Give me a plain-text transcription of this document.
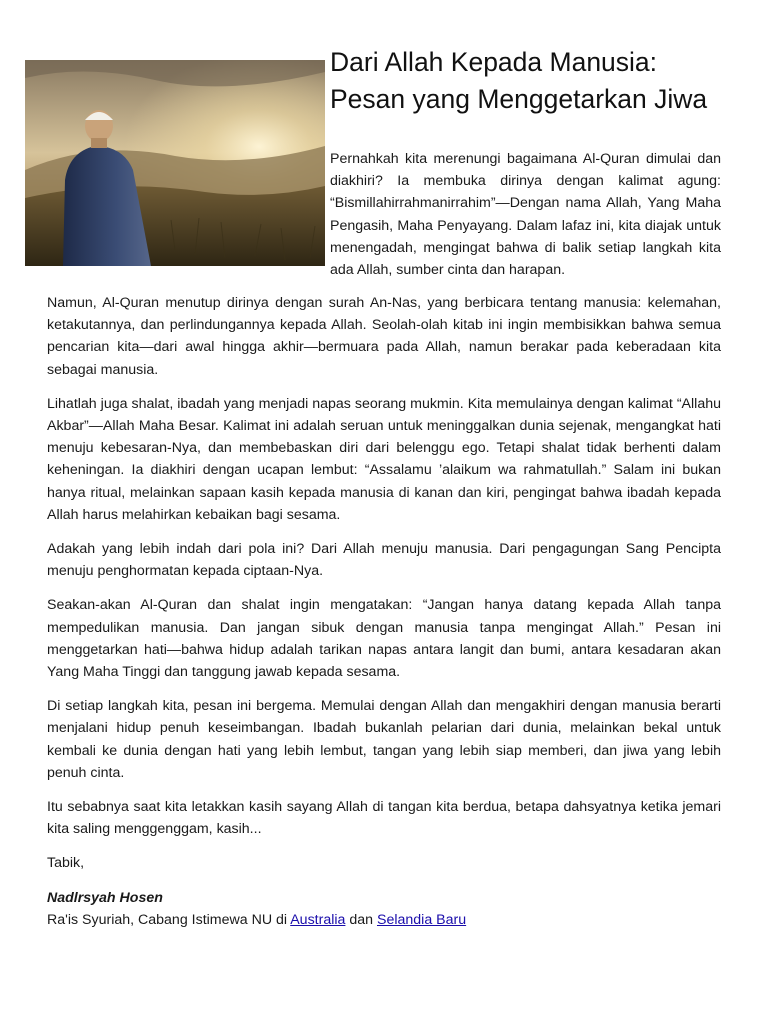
Dari Allah Kepada Manusia:
Pesan yang Menggetarkan Jiwa

Pernahkah kita merenungi bagaimana Al-Quran dimulai dan diakhiri? Ia membuka dirinya dengan kalimat agung: “Bismillahirrahmanirrahim”—Dengan nama Allah, Yang Maha Pengasih, Maha Penyayang. Dalam lafaz ini, kita diajak untuk menengadah, mengingat bahwa di balik setiap langkah kita ada Allah, sumber cinta dan harapan.

Namun, Al-Quran menutup dirinya dengan surah An-Nas, yang berbicara tentang manusia: kelemahan, ketakutannya, dan perlindungannya kepada Allah. Seolah-olah kitab ini ingin membisikkan bahwa semua pencarian kita—dari awal hingga akhir—bermuara pada Allah, namun berakar pada keberadaan kita sebagai manusia.

Lihatlah juga shalat, ibadah yang menjadi napas seorang mukmin. Kita memulainya dengan kalimat “Allahu Akbar”—Allah Maha Besar. Kalimat ini adalah seruan untuk meninggalkan dunia sejenak, mengangkat hati menuju kebesaran-Nya, dan membebaskan diri dari belenggu ego. Tetapi shalat tidak berhenti dalam keheningan. Ia diakhiri dengan ucapan lembut: “Assalamu ’alaikum wa rahmatullah.” Salam ini bukan hanya ritual, melainkan sapaan kasih kepada manusia di kanan dan kiri, pengingat bahwa ibadah kepada Allah harus melahirkan kebaikan bagi sesama.

Adakah yang lebih indah dari pola ini? Dari Allah menuju manusia. Dari pengagungan Sang Pencipta menuju penghormatan kepada ciptaan-Nya.

Seakan-akan Al-Quran dan shalat ingin mengatakan: “Jangan hanya datang kepada Allah tanpa mempedulikan manusia. Dan jangan sibuk dengan manusia tanpa mengingat Allah.” Pesan ini menggetarkan hati—bahwa hidup adalah tarikan napas antara langit dan bumi, antara kesadaran akan Yang Maha Tinggi dan tanggung jawab kepada sesama.

Di setiap langkah kita, pesan ini bergema. Memulai dengan Allah dan mengakhiri dengan manusia berarti menjalani hidup penuh keseimbangan. Ibadah bukanlah pelarian dari dunia, melainkan bekal untuk kembali ke dunia dengan hati yang lebih lembut, tangan yang lebih siap memberi, dan jiwa yang lebih penuh cinta.

Itu sebabnya saat kita letakkan kasih sayang Allah di tangan kita berdua, betapa dahsyatnya ketika jemari kita saling menggenggam, kasih...

Tabik,

Nadlrsyah Hosen

Ra'is Syuriah, Cabang Istimewa NU di Australia dan Selandia Baru
